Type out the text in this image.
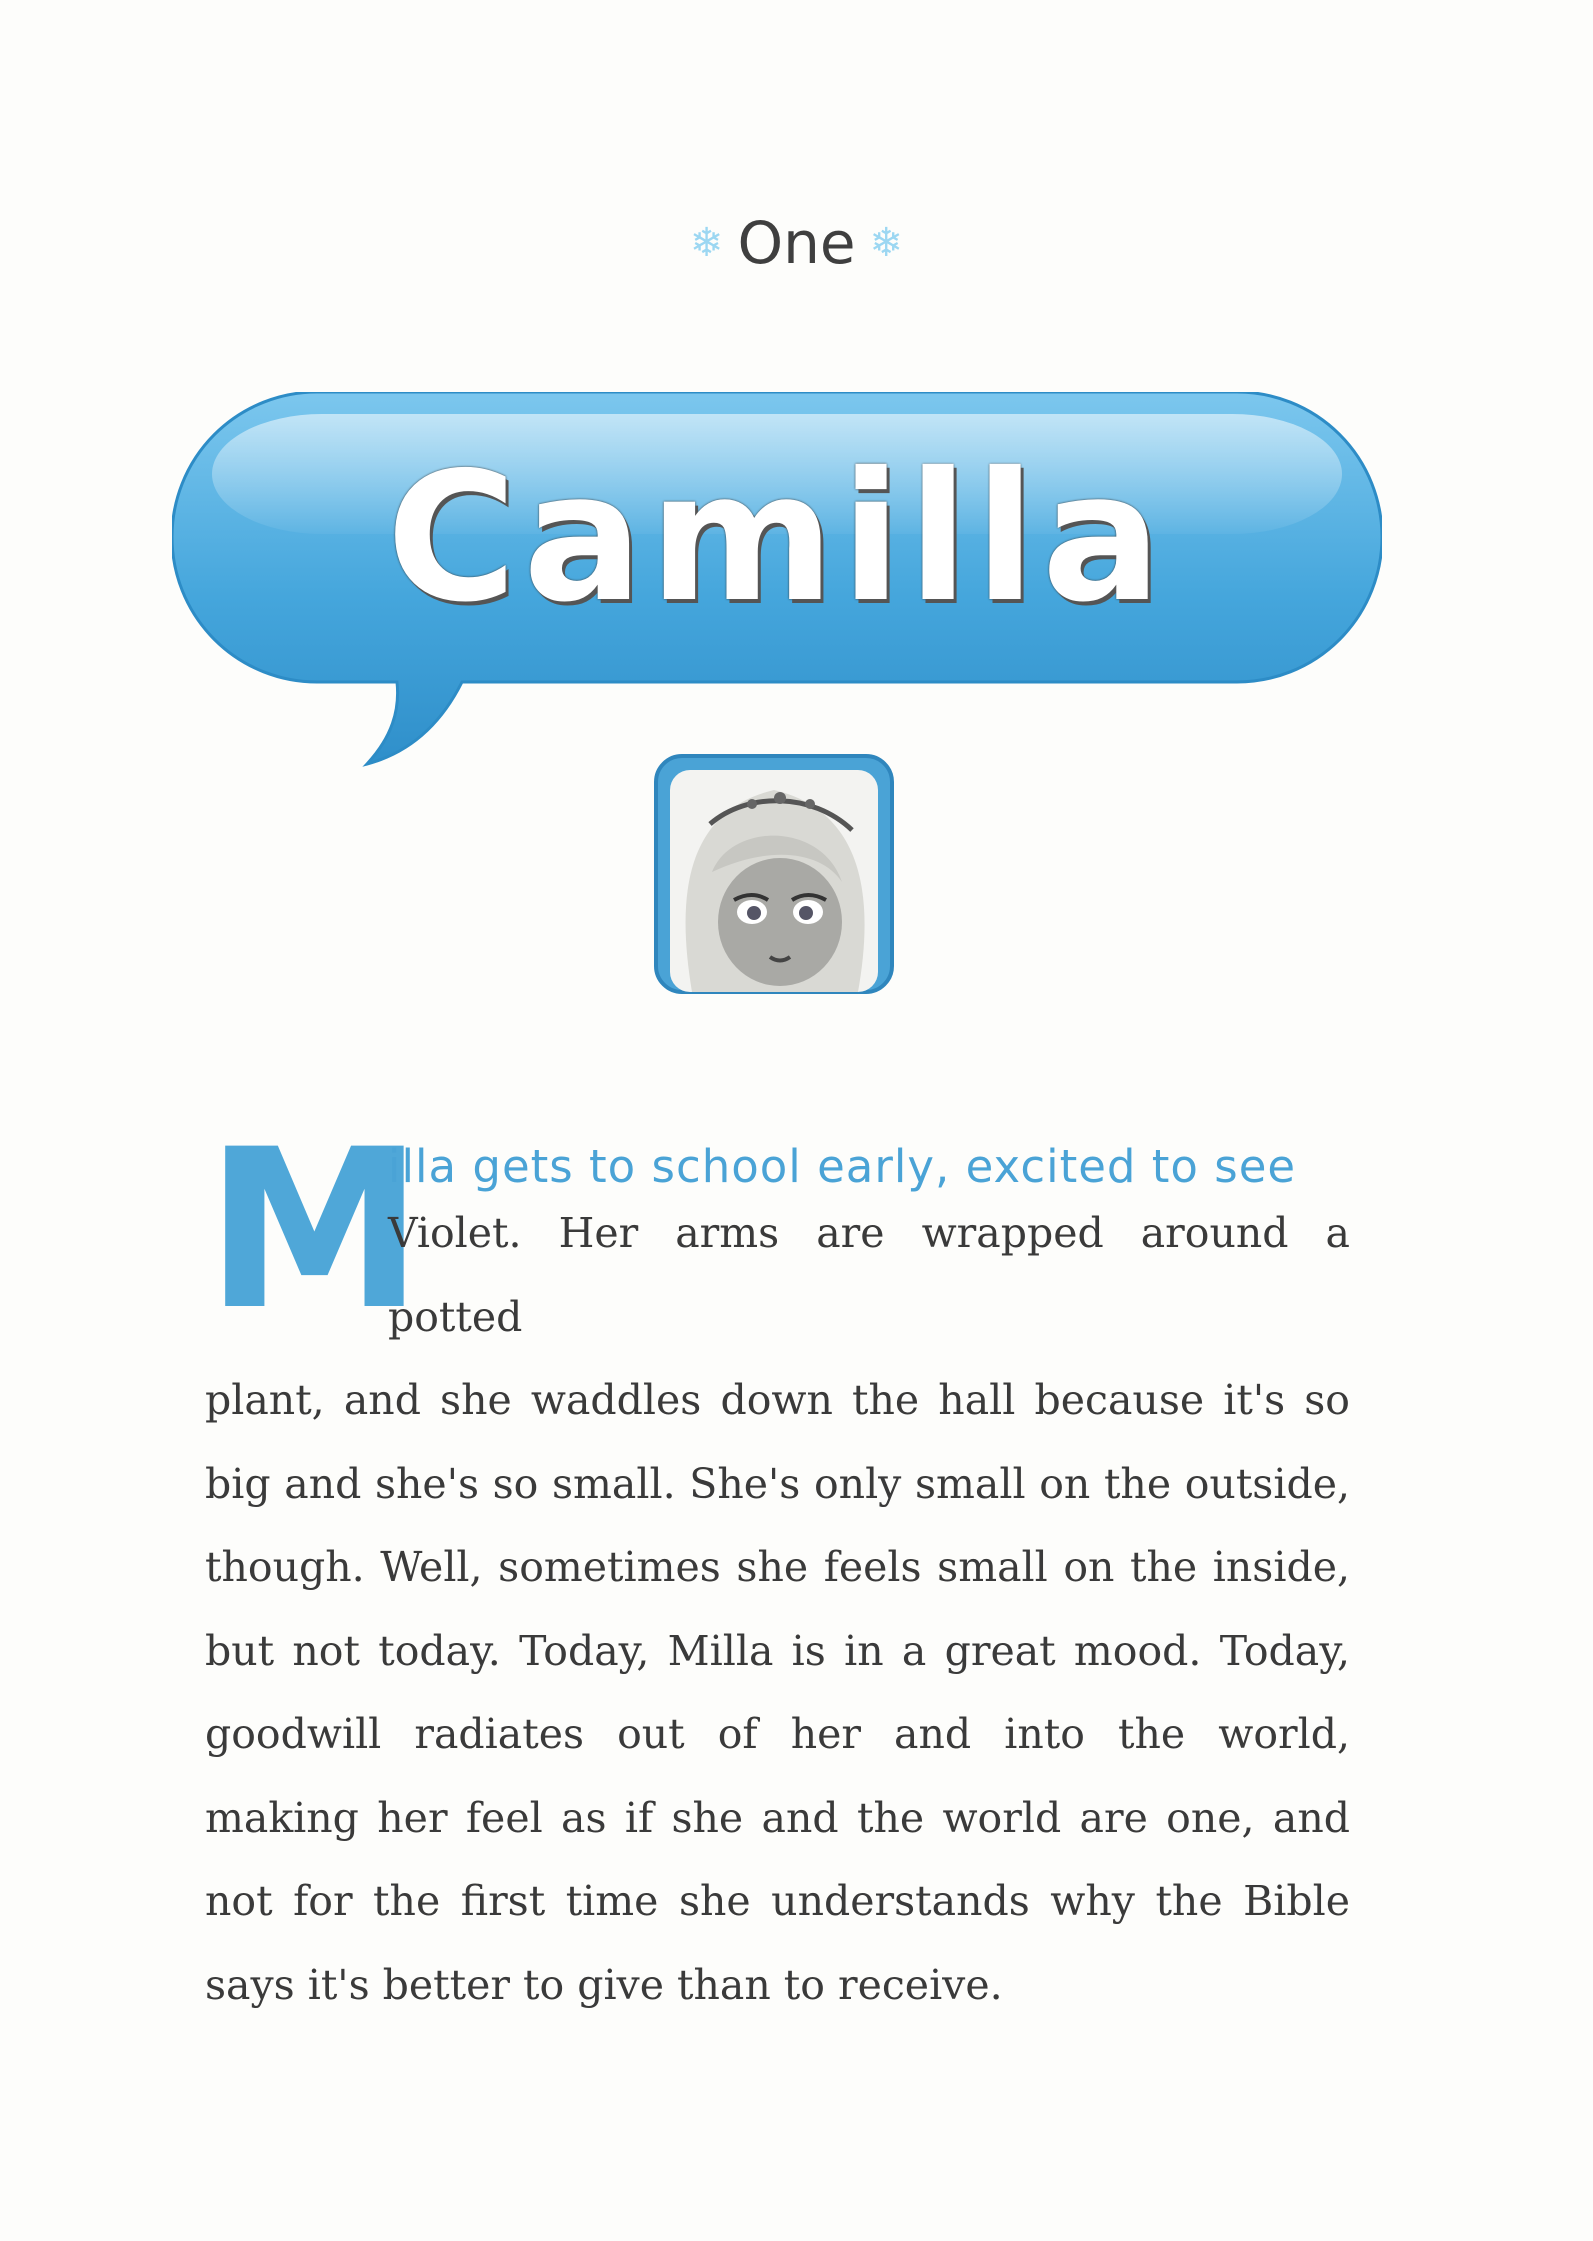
❄ One ❄
Camilla
M
illa gets to school early, excited to see
Violet. Her arms are wrapped around a potted
plant, and she waddles down the hall because it's so big and she's so small. She's only small on the outside, though. Well, sometimes she feels small on the inside, but not today. Today, Milla is in a great mood. Today, goodwill radiates out of her and into the world, making her feel as if she and the world are one, and not for the first time she understands why the Bible says it's better to give than to receive.
